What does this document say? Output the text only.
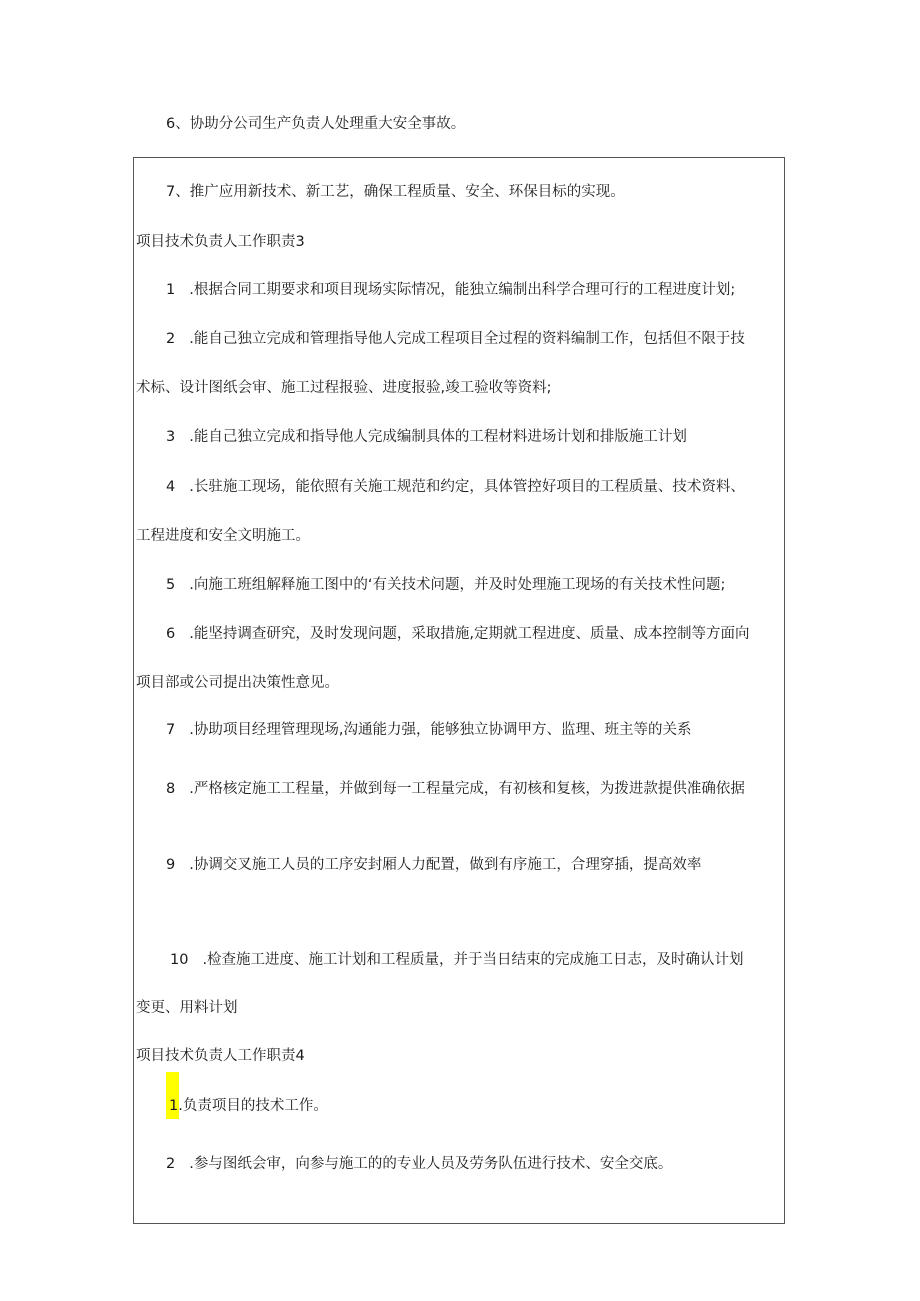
6、协助分公司生产负责人处理重大安全事故。
7、推广应用新技术、新工艺，确保工程质量、安全、环保目标的实现。
项目技术负责人工作职责3
1 .根据合同工期要求和项目现场实际情况，能独立编制出科学合理可行的工程进度计划;
2 .能自己独立完成和管理指导他人完成工程项目全过程的资料编制工作，包括但不限于技
术标、设计图纸会审、施工过程报验、进度报验,竣工验收等资料;
3 .能自己独立完成和指导他人完成编制具体的工程材料进场计划和排版施工计划
4 .长驻施工现场，能依照有关施工规范和约定，具体管控好项目的工程质量、技术资料、
工程进度和安全文明施工。
5 .向施工班组解释施工图中的‘有关技术问题，并及时处理施工现场的有关技术性问题;
6 .能坚持调查研究，及时发现问题，采取措施,定期就工程进度、质量、成本控制等方面向
项目部或公司提出决策性意见。
7 .协助项目经理管理现场,沟通能力强，能够独立协调甲方、监理、班主等的关系
8 .严格核定施工工程量，并做到每一工程量完成，有初核和复核，为拨进款提供准确依据
9 .协调交叉施工人员的工序安封厢人力配置，做到有序施工，合理穿插，提高效率
10 .检查施工进度、施工计划和工程质量，并于当日结束的完成施工日志，及时确认计划
变更、用料计划
项目技术负责人工作职责4
1.负责项目的技术工作。
2 .参与图纸会审，向参与施工的的专业人员及劳务队伍进行技术、安全交底。
